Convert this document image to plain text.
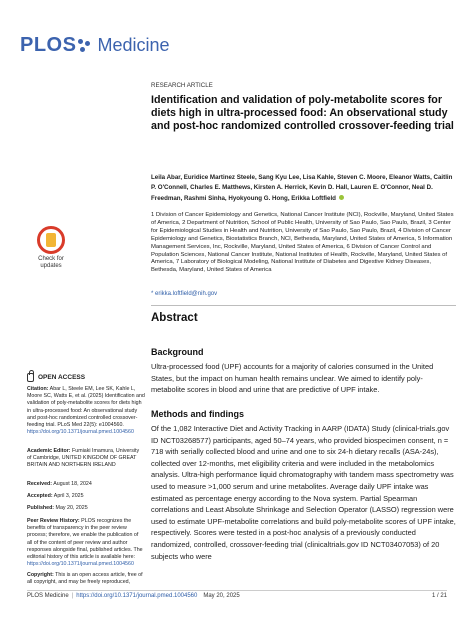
PLOS Medicine
RESEARCH ARTICLE
Identification and validation of poly-metabolite scores for diets high in ultra-processed food: An observational study and post-hoc randomized controlled crossover-feeding trial
Leila Abar, Euridice Martinez Steele, Sang Kyu Lee, Lisa Kahle, Steven C. Moore, Eleanor Watts, Caitlin P. O'Connell, Charles E. Matthews, Kirsten A. Herrick, Kevin D. Hall, Lauren E. O'Connor, Neal D. Freedman, Rashmi Sinha, Hyokyoung G. Hong, Erikka Loftfield
1 Division of Cancer Epidemiology and Genetics, National Cancer Institute (NCI), Rockville, Maryland, United States of America, 2 Department of Nutrition, School of Public Health, University of Sao Paulo, Sao Paulo, Brazil, 3 Center for Epidemiological Studies in Health and Nutrition, University of Sao Paulo, Sao Paulo, Brazil, 4 Division of Cancer Epidemiology and Genetics, Biostatistics Branch, NCI, Bethesda, Maryland, United States of America, 5 Information Management Services, Inc, Rockville, Maryland, United States of America, 6 Division of Cancer Control and Population Sciences, National Cancer Institute, National Institutes of Health, Rockville, Maryland, United States of America, 7 Laboratory of Biological Modeling, National Institute of Diabetes and Digestive Kidney Diseases, Bethesda, Maryland, United States of America
* erikka.loftfield@nih.gov
Abstract
Background
Ultra-processed food (UPF) accounts for a majority of calories consumed in the United States, but the impact on human health remains unclear. We aimed to identify poly-metabolite scores in blood and urine that are predictive of UPF intake.
Methods and findings
Of the 1,082 Interactive Diet and Activity Tracking in AARP (IDATA) Study (clinical-trials.gov ID NCT03268577) participants, aged 50–74 years, who provided biospecimen consent, n = 718 with serially collected blood and urine and one to six 24-h dietary recalls (ASA-24s), collected over 12-months, met eligibility criteria and were included in the metabolomics analysis. Ultra-high performance liquid chromatography with tandem mass spectrometry was used to measure >1,000 serum and urine metabolites. Average daily UPF intake was estimated as percentage energy according to the Nova system. Partial Spearman correlations and Least Absolute Shrinkage and Selection Operator (LASSO) regression were used to estimate UPF-metabolite correlations and build poly-metabolite scores of UPF intake, respectively. Scores were tested in a post-hoc analysis of a previously conducted randomized, controlled, crossover-feeding trial (clinicaltrials.gov ID NCT03407053) of 20 subjects who were
Check for updates
OPEN ACCESS
Citation: Abar L, Steele EM, Lee SK, Kahle L, Moore SC, Watts E, et al. (2025) Identification and validation of poly-metabolite scores for diets high in ultra-processed food: An observational study and post-hoc randomized controlled crossover-feeding trial. PLoS Med 22(5): e1004560. https://doi.org/10.1371/journal.pmed.1004560
Academic Editor: Fumiaki Imamura, University of Cambridge, UNITED KINGDOM OF GREAT BRITAIN AND NORTHERN IRELAND
Received: August 18, 2024
Accepted: April 3, 2025
Published: May 20, 2025
Peer Review History: PLOS recognizes the benefits of transparency in the peer review process; therefore, we enable the publication of all of the content of peer review and author responses alongside final, published articles. The editorial history of this article is available here: https://doi.org/10.1371/journal.pmed.1004560
Copyright: This is an open access article, free of all copyright, and may be freely reproduced,
PLOS Medicine | https://doi.org/10.1371/journal.pmed.1004560 May 20, 2025	1 / 21
